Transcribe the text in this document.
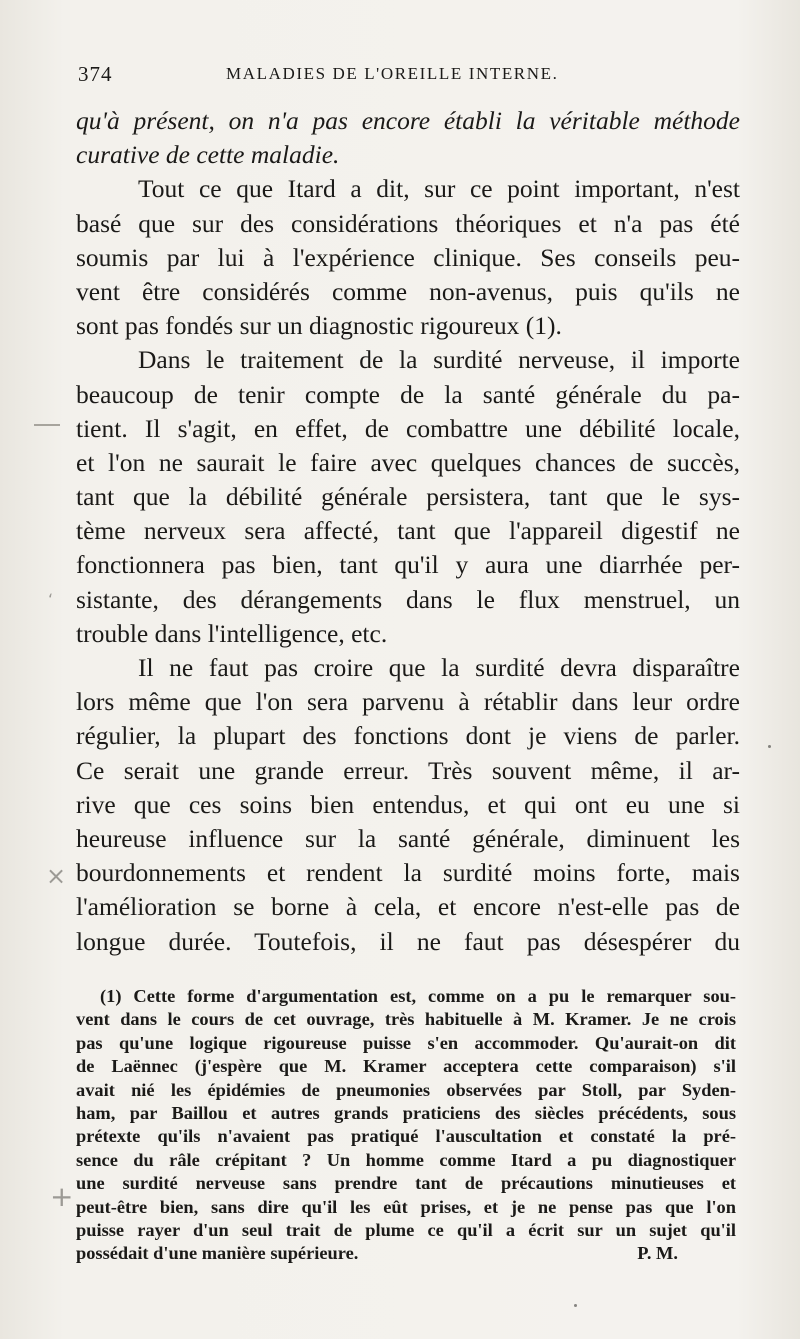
374	MALADIES DE L'OREILLE INTERNE.
qu'à présent, on n'a pas encore établi la véritable méthode
curative de cette maladie.
Tout ce que Itard a dit, sur ce point important, n'est
basé que sur des considérations théoriques et n'a pas été
soumis par lui à l'expérience clinique. Ses conseils peu-
vent être considérés comme non-avenus, puis qu'ils ne
sont pas fondés sur un diagnostic rigoureux (1).
Dans le traitement de la surdité nerveuse, il importe
beaucoup de tenir compte de la santé générale du pa-
tient. Il s'agit, en effet, de combattre une débilité locale,
et l'on ne saurait le faire avec quelques chances de succès,
tant que la débilité générale persistera, tant que le sys-
tème nerveux sera affecté, tant que l'appareil digestif ne
fonctionnera pas bien, tant qu'il y aura une diarrhée per-
sistante, des dérangements dans le flux menstruel, un
trouble dans l'intelligence, etc.
Il ne faut pas croire que la surdité devra disparaître
lors même que l'on sera parvenu à rétablir dans leur ordre
régulier, la plupart des fonctions dont je viens de parler.
Ce serait une grande erreur. Très souvent même, il ar-
rive que ces soins bien entendus, et qui ont eu une si
heureuse influence sur la santé générale, diminuent les
bourdonnements et rendent la surdité moins forte, mais
l'amélioration se borne à cela, et encore n'est-elle pas de
longue durée. Toutefois, il ne faut pas désespérer du
(1) Cette forme d'argumentation est, comme on a pu le remarquer sou-
vent dans le cours de cet ouvrage, très habituelle à M. Kramer. Je ne crois
pas qu'une logique rigoureuse puisse s'en accommoder. Qu'aurait-on dit
de Laënnec (j'espère que M. Kramer acceptera cette comparaison) s'il
avait nié les épidémies de pneumonies observées par Stoll, par Syden-
ham, par Baillou et autres grands praticiens des siècles précédents, sous
prétexte qu'ils n'avaient pas pratiqué l'auscultation et constaté la pré-
sence du râle crépitant ? Un homme comme Itard a pu diagnostiquer
une surdité nerveuse sans prendre tant de précautions minutieuses et
peut-être bien, sans dire qu'il les eût prises, et je ne pense pas que l'on
puisse rayer d'un seul trait de plume ce qu'il a écrit sur un sujet qu'il
possédait d'une manière supérieure.	P. M.
‘
×
+
